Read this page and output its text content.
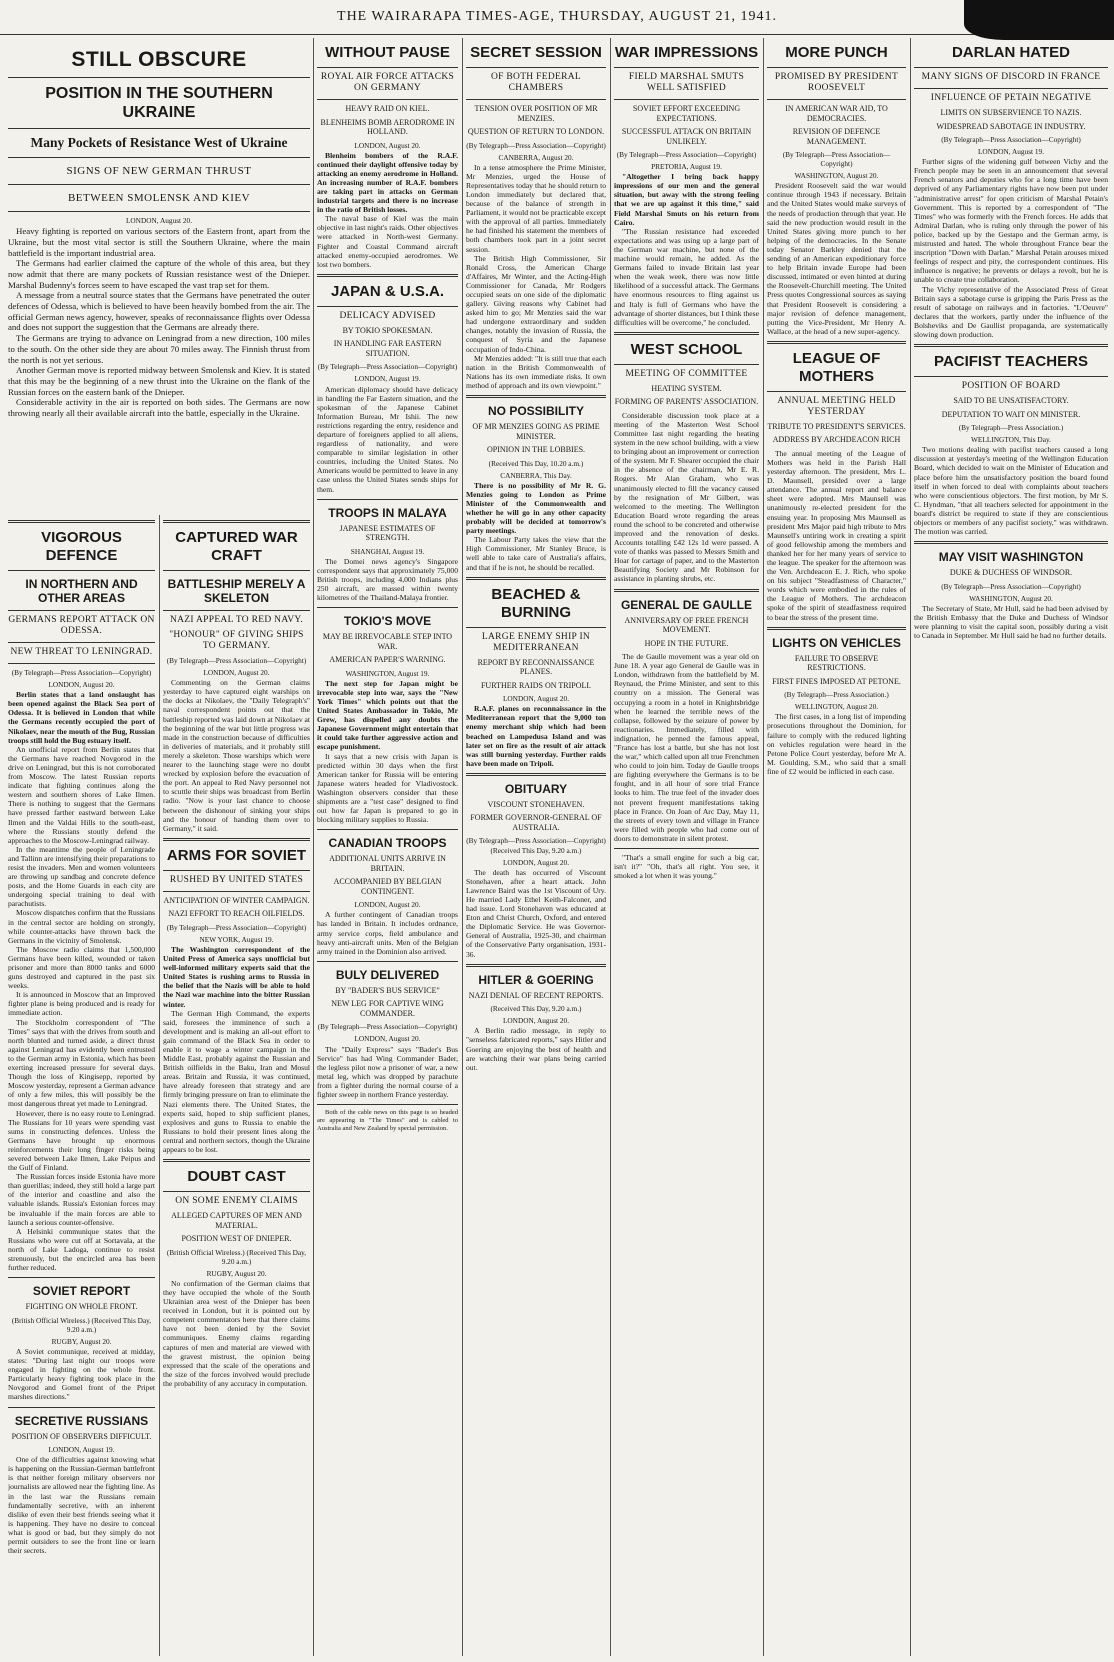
THE WAIRARAPA TIMES-AGE, THURSDAY, AUGUST 21, 1941.
STILL OBSCURE
POSITION IN THE SOUTHERN UKRAINE
Many Pockets of Resistance West of Ukraine
SIGNS OF NEW GERMAN THRUST
BETWEEN SMOLENSK AND KIEV
LONDON, August 20.

Heavy fighting is reported on various sectors of the Eastern front, apart from the Ukraine, but the most vital sector is still the Southern Ukraine, where the main battlefield is the important industrial area.

The Germans had earlier claimed the capture of the whole of this area, but they now admit that there are many pockets of Russian resistance west of the Dnieper. Marshal Budenny's forces seem to have escaped the vast trap set for them.

A message from a neutral source states that the Germans have penetrated the outer defences of Odessa, which is believed to have been heavily bombed from the air. The official German news agency, however, speaks of reconnaissance flights over Odessa and does not support the suggestion that the Germans are already there.

The Germans are trying to advance on Leningrad from a new direction, 100 miles to the south. On the other side they are about 70 miles away. The Finnish thrust from the north is not yet serious.

Another German move is reported midway between Smolensk and Kiev. It is stated that this may be the beginning of a new thrust into the Ukraine on the flank of the Russian forces on the eastern bank of the Dnieper.

Considerable activity in the air is reported on both sides. The Germans are now throwing nearly all their available aircraft into the battle, especially in the Ukraine.

VIGOROUS DEFENCE
IN NORTHERN AND OTHER AREAS
GERMANS REPORT ATTACK ON ODESSA.
NEW THREAT TO LENINGRAD.
(By Telegraph—Press Association—Copyright)
LONDON, August 20.

Berlin states that a land onslaught has been opened against the Black Sea port of Odessa. It is believed in London that while the Germans recently occupied the port of Nikolaev, near the mouth of the Bug, Russian troops still hold the Bug estuary itself.

An unofficial report from Berlin states that the Germans have reached Novgorod in the drive on Leningrad, but this is not corroborated from Moscow. The latest Russian reports indicate that fighting continues along the western and southern shores of Lake Ilmen. There is nothing to suggest that the Germans have pressed farther eastward between Lake Ilmen and the Valdai Hills to the south-east, where the Russians stoutly defend the approaches to the Moscow-Leningrad railway.

In the meantime the people of Leningrade and Tallinn are intensifying their preparations to resist the invaders. Men and women volunteers are throwing up sandbag and concrete defence posts, and the Home Guards in each city are undergoing special training to deal with parachutists.

Moscow dispatches confirm that the Russians in the central sector are holding on strongly, while counter-attacks have thrown back the Germans in the vicinity of Smolensk.

The Moscow radio claims that 1,500,000 Germans have been killed, wounded or taken prisoner and more than 8000 tanks and 6000 guns destroyed and captured in the past six weeks.

It is announced in Moscow that an Improved fighter plane is being produced and is ready for immediate action.

The Stockholm correspondent of "The Times" says that with the drives from south and north blunted and turned aside, a direct thrust against Leningrad has evidently been entrusted to the German army in Estonia, which has been exerting increased pressure for several days. Though the loss of Kingisepp, reported by Moscow yesterday, represent a German advance of only a few miles, this will possibly be the most dangerous threat yet made to Leningrad.

However, there is no easy route to Leningrad. The Russians for 10 years were spending vast sums in constructing defences. Unless the Germans have brought up enormous reinforcements their long finger risks being severed between Lake Ilmen, Lake Peipus and the Gulf of Finland.

The Russian forces inside Estonia have more than guerillas; indeed, they still hold a large part of the interior and coastline and also the valuable islands. Russia's Estonian forces may be invaluable if the main forces are able to launch a serious counter-offensive.

A Helsinki communique states that the Russians who were cut off at Sortavala, at the north of Lake Ladoga, continue to resist strenuously, but the encircled area has been further reduced.

SOVIET REPORT
FIGHTING ON WHOLE FRONT.
(British Official Wireless.) (Received This Day, 9.20 a.m.)
RUGBY, August 20.

A Soviet communique, received at midday, states: "During last night our troops were engaged in fighting on the whole front. Particularly heavy fighting took place in the Novgorod and Gomel front of the Pripet marshes directions."

SECRETIVE RUSSIANS
POSITION OF OBSERVERS DIFFICULT.
LONDON, August 19.

One of the difficulties against knowing what is happening on the Russian-German battlefront is that neither foreign military observers nor journalists are allowed near the fighting line. As in the last war the Russians remain fundamentally secretive, with an inherent dislike of even their best friends seeing what it is happening. They have no desire to conceal what is good or bad, but they simply do not permit outsiders to see the front line or learn their secrets.

CAPTURED WAR CRAFT
BATTLESHIP MERELY A SKELETON
NAZI APPEAL TO RED NAVY.
"HONOUR" OF GIVING SHIPS TO GERMANY.
(By Telegraph—Press Association—Copyright)
LONDON, August 20.

Commenting on the German claims yesterday to have captured eight warships on the docks at Nikolaev, the "Daily Telegraph's" naval correspondent points out that the battleship reported was laid down at Nikolaev at the beginning of the war but little progress was made in the construction because of difficulties in deliveries of materials, and it probably still merely a skeleton. Those warships which were nearer to the launching stage were no doubt wrecked by explosion before the evacuation of the port. An appeal to Red Navy personnel not to scuttle their ships was broadcast from Berlin radio. "Now is your last chance to choose between the dishonour of sinking your ships and the honour of handing them over to Germany," it said.

ARMS FOR SOVIET
RUSHED BY UNITED STATES
ANTICIPATION OF WINTER CAMPAIGN.
NAZI EFFORT TO REACH OILFIELDS.
(By Telegraph—Press Association—Copyright)
NEW YORK, August 19.

The Washington correspondent of the United Press of America says unofficial but well-informed military experts said that the United States is rushing arms to Russia in the belief that the Nazis will be able to hold the Nazi war machine into the bitter Russian winter.

The German High Command, the experts said, foresees the imminence of such a development and is making an all-out effort to gain command of the Black Sea in order to enable it to wage a winter campaign in the Middle East, probably against the Russian and British oilfields in the Baku, Iran and Mosul areas. Britain and Russia, it was continued, have already foreseen that strategy and are firmly bringing pressure on Iran to eliminate the Nazi elements there. The United States, the experts said, hoped to ship sufficient planes, explosives and guns to Russia to enable the Russians to hold their present lines along the central and northern sectors, though the Ukraine appears to be lost.

DOUBT CAST
ON SOME ENEMY CLAIMS
ALLEGED CAPTURES OF MEN AND MATERIAL.
POSITION WEST OF DNIEPER.
(British Official Wireless.) (Received This Day, 9.20 a.m.)
RUGBY, August 20.

No confirmation of the German claims that they have occupied the whole of the South Ukrainian area west of the Dnieper has been received in London, but it is pointed out by competent commentators here that there claims have not been denied by the Soviet communiques. Enemy claims regarding captures of men and material are viewed with the gravest mistrust, the opinion being expressed that the scale of the operations and the size of the forces involved would preclude the probability of any accuracy in computation.

WITHOUT PAUSE
ROYAL AIR FORCE ATTACKS ON GERMANY
HEAVY RAID ON KIEL.
BLENHEIMS BOMB AERODROME IN HOLLAND.
LONDON, August 20.

Blenheim bombers of the R.A.F. continued their daylight offensive today by attacking an enemy aerodrome in Holland. An increasing number of R.A.F. bombers are taking part in attacks on German industrial targets and there is no increase in the ratio of British losses.

The naval base of Kiel was the main objective in last night's raids. Other objectives were attacked in North-west Germany. Fighter and Coastal Command aircraft attacked enemy-occupied aerodromes. We lost two bombers.

JAPAN & U.S.A.
DELICACY ADVISED
BY TOKIO SPOKESMAN.
IN HANDLING FAR EASTERN SITUATION.
(By Telegraph—Press Association—Copyright)
LONDON, August 19.

American diplomacy should have delicacy in handling the Far Eastern situation, and the spokesman of the Japanese Cabinet Information Bureau, Mr Ishii. The new restrictions regarding the entry, residence and departure of foreigners applied to all aliens, regardless of nationality, and were comparable to similar legislation in other countries, including the United States. No Americans would be permitted to leave in any case unless the United States sends ships for them.

TROOPS IN MALAYA
JAPANESE ESTIMATES OF STRENGTH.
SHANGHAI, August 19.

The Domei news agency's Singapore correspondent says that approximately 75,000 British troops, including 4,000 Indians plus 250 aircraft, are massed within twenty kilometres of the Thailand-Malaya frontier.

TOKIO'S MOVE
MAY BE IRREVOCABLE STEP INTO WAR.
AMERICAN PAPER'S WARNING.
WASHINGTON, August 19.

The next step for Japan might be irrevocable step into war, says the "New York Times" which points out that the United States Ambassador in Tokio, Mr Grew, has dispelled any doubts the Japanese Government might entertain that it could take further aggressive action and escape punishment.

It says that a new crisis with Japan is predicted within 30 days when the first American tanker for Russia will be entering Japanese waters headed for Vladivostock. Washington observers consider that these shipments are a "test case" designed to find out how far Japan is prepared to go in blocking military supplies to Russia.

CANADIAN TROOPS
ADDITIONAL UNITS ARRIVE IN BRITAIN.
ACCOMPANIED BY BELGIAN CONTINGENT.
LONDON, August 20.

A further contingent of Canadian troops has landed in Britain. It includes ordnance, army service corps, field ambulance and heavy anti-aircraft units. Men of the Belgian army trained in the Dominion also arrived.

BULY DELIVERED
BY "BADER'S BUS SERVICE"
NEW LEG FOR CAPTIVE WING COMMANDER.
(By Telegraph—Press Association—Copyright)
LONDON, August 20.

The "Daily Express" says "Bader's Bus Service" has had Wing Commander Bader, the legless pilot now a prisoner of war, a new metal leg, which was dropped by parachute from a fighter during the normal course of a fighter sweep in northern France yesterday.

Both of the cable news on this page is so headed are appearing in "The Times" and is cabled to Australia and New Zealand by special permission.

SECRET SESSION
OF BOTH FEDERAL CHAMBERS
TENSION OVER POSITION OF MR MENZIES.
QUESTION OF RETURN TO LONDON.
(By Telegraph—Press Association—Copyright)
CANBERRA, August 20.

In a tense atmosphere the Prime Minister, Mr Menzies, urged the House of Representatives today that he should return to London immediately but declared that, because of the balance of strength in Parliament, it would not be practicable except with the approval of all parties. Immediately he had finished his statement the members of both chambers took part in a joint secret session.

The British High Commissioner, Sir Ronald Cross, the American Charge d'Affaires, Mr Winter, and the Acting-High Commissioner for Canada, Mr Rodgers occupied seats on one side of the diplomatic gallery. Giving reasons why Cabinet had asked him to go; Mr Menzies said the war had undergone extraordinary and sudden changes, notably the invasion of Russia, the conquest of Syria and the Japanese occupation of Indo-China.

Mr Menzies added: "It is still true that each nation in the British Commonwealth of Nations has its own immediate risks. It own method of approach and its own viewpoint."

NO POSSIBILITY
OF MR MENZIES GOING AS PRIME MINISTER.
OPINION IN THE LOBBIES.
(Received This Day, 10.20 a.m.)
CANBERRA, This Day.

There is no possibility of Mr R. G. Menzies going to London as Prime Minister of the Commonwealth and whether he will go in any other capacity probably will be decided at tomorrow's party meetings.

The Labour Party takes the view that the High Commissioner, Mr Stanley Bruce, is well able to take care of Australia's affairs, and that if he is not, he should be recalled.

BEACHED & BURNING
LARGE ENEMY SHIP IN MEDITERRANEAN
REPORT BY RECONNAISSANCE PLANES.
FURTHER RAIDS ON TRIPOLI.
LONDON, August 20.

R.A.F. planes on reconnaissance in the Mediterranean report that the 9,000 ton enemy merchant ship which had been beached on Lampedusa Island and was later set on fire as the result of air attack was still burning yesterday. Further raids have been made on Tripoli.

OBITUARY
VISCOUNT STONEHAVEN.
FORMER GOVERNOR-GENERAL OF AUSTRALIA.
(By Telegraph—Press Association—Copyright) (Received This Day, 9.20 a.m.)
LONDON, August 20.

The death has occurred of Viscount Stonehaven, after a heart attack. John Lawrence Baird was the 1st Viscount of Ury. He married Lady Ethel Keith-Falconer, and had issue. Lord Stonehaven was educated at Eton and Christ Church, Oxford, and entered the Diplomatic Service. He was Governor-General of Australia, 1925-30, and chairman of the Conservative Party organisation, 1931-36.

HITLER & GOERING
NAZI DENIAL OF RECENT REPORTS.
(Received This Day, 9.20 a.m.)
LONDON, August 20.

A Berlin radio message, in reply to "senseless fabricated reports," says Hitler and Goering are enjoying the best of health and are watching their war plans being carried out.

WAR IMPRESSIONS
FIELD MARSHAL SMUTS WELL SATISFIED
SOVIET EFFORT EXCEEDING EXPECTATIONS.
SUCCESSFUL ATTACK ON BRITAIN UNLIKELY.
(By Telegraph—Press Association—Copyright)
PRETORIA, August 19.

"Altogether I bring back happy impressions of our men and the general situation, but away with the strong feeling that we are up against it this time," said Field Marshal Smuts on his return from Cairo.

"The Russian resistance had exceeded expectations and was using up a large part of the German war machine, but none of the machine would remain, he added. As the Germans failed to invade Britain last year when the weak week, there was now little likelihood of a successful attack. The Germans have enormous resources to fling against us and Italy is full of Germans who have the advantage of shorter distances, but I think these difficulties will be overcome," he concluded.

WEST SCHOOL
MEETING OF COMMITTEE
HEATING SYSTEM.
FORMING OF PARENTS' ASSOCIATION.

Considerable discussion took place at a meeting of the Masterton West School Committee last night regarding the heating system in the new school building, with a view to bringing about an improvement or correction of the system. Mr F. Shearer occupied the chair in the absence of the chairman, Mr E. R. Rogers. Mr Alan Graham, who was unanimously elected to fill the vacancy caused by the resignation of Mr Gilbert, was welcomed to the meeting. The Wellington Education Board wrote regarding the areas round the school to be concreted and otherwise improved and the renovation of desks. Accounts totalling £42 12s 1d were passed. A vote of thanks was passed to Messrs Smith and Hoar for cartage of paper, and to the Masterton Beautifying Society and Mr Robinson for assistance in planting shrubs, etc.

GENERAL DE GAULLE
ANNIVERSARY OF FREE FRENCH MOVEMENT.
HOPE IN THE FUTURE.

The de Gaulle movement was a year old on June 18. A year ago General de Gaulle was in London, withdrawn from the battlefield by M. Reynaud, the Prime Minister, and sent to this country on a mission. The General was occupying a room in a hotel in Knightsbridge when he learned the terrible news of the collapse, followed by the seizure of power by reactionaries. Immediately, filled with indignation, he penned the famous appeal, "France has lost a battle, but she has not lost the war," which called upon all true Frenchmen who could to join him. Today de Gaulle troops are fighting everywhere the Germans is to be fought, and in all hour of sore trial France looks to him. The true feel of the invader does not prevent frequent manifestations taking place in France. On Joan of Arc Day, May 11, the streets of every town and village in France were filled with people who had come out of doors to demonstrate in silent protest.

"That's a small engine for such a big car, isn't it?" "Oh, that's all right. You see, it smoked a lot when it was young."

MORE PUNCH
PROMISED BY PRESIDENT ROOSEVELT
IN AMERICAN WAR AID, TO DEMOCRACIES.
REVISION OF DEFENCE MANAGEMENT.
(By Telegraph—Press Association—Copyright)
WASHINGTON, August 20.

President Roosevelt said the war would continue through 1943 if necessary. Britain and the United States would make surveys of the needs of production through that year. He said the new production would result in the United States giving more punch to her helping of the democracies. In the Senate today Senator Barkley denied that the sending of an American expeditionary force to help Britain invade Europe had been discussed, intimated or even hinted at during the Roosevelt-Churchill meeting. The United Press quotes Congressional sources as saying that President Roosevelt is considering a major revision of defence management, putting the Vice-President, Mr Henry A. Wallace, at the head of a new super-agency.

LEAGUE OF MOTHERS
ANNUAL MEETING HELD YESTERDAY
TRIBUTE TO PRESIDENT'S SERVICES.
ADDRESS BY ARCHDEACON RICH

The annual meeting of the League of Mothers was held in the Parish Hall yesterday afternoon. The president, Mrs L. D. Maunsell, presided over a large attendance. The annual report and balance sheet were adopted. Mrs Maunsell was unanimously re-elected president for the ensuing year. In proposing Mrs Maunsell as president Mrs Major paid high tribute to Mrs Maunsell's untiring work in creating a spirit of good fellowship among the members and thanked her for her many years of service to the league. The speaker for the afternoon was the Ven. Archdeacon E. J. Rich, who spoke on his subject "Steadfastness of Character," words which were embodied in the rules of the League of Mothers. The archdeacon spoke of the spirit of steadfastness required to bear the stress of the present time.

LIGHTS ON VEHICLES
FAILURE TO OBSERVE RESTRICTIONS.
FIRST FINES IMPOSED AT PETONE.
(By Telegraph—Press Association.)
WELLINGTON, August 20.

The first cases, in a long list of impending prosecutions throughout the Dominion, for failure to comply with the reduced lighting on vehicles regulation were heard in the Petone Police Court yesterday, before Mr A. M. Goulding, S.M., who said that a small fine of £2 would be inflicted in each case.

DARLAN HATED
MANY SIGNS OF DISCORD IN FRANCE
INFLUENCE OF PETAIN NEGATIVE
LIMITS ON SUBSERVIENCE TO NAZIS.
WIDESPREAD SABOTAGE IN INDUSTRY.
(By Telegraph—Press Association—Copyright)
LONDON, August 19.

Further signs of the widening gulf between Vichy and the French people may be seen in an announcement that several French senators and deputies who for a long time have been deprived of any Parliamentary rights have now been put under "administrative arrest" for open criticism of Marshal Petain's Government. This is reported by a correspondent of "The Times" who was formerly with the French forces. He adds that Admiral Darlan, who is ruling only through the power of his police, backed up by the Gestapo and the German army, is mistrusted and hated. The whole throughout France bear the inscription "Down with Darlan." Marshal Petain arouses mixed feelings of respect and pity, the correspondent continues. His influence is negative; he prevents or delays a revolt, but he is unable to create true collaboration.

The Vichy representative of the Associated Press of Great Britain says a sabotage curse is gripping the Paris Press as the result of sabotage on railways and in factories. "L'Oeuvre" declares that the workers, partly under the influence of the Bolsheviks and De Gaullist propaganda, are systematically slowing down production.

PACIFIST TEACHERS
POSITION OF BOARD
SAID TO BE UNSATISFACTORY.
DEPUTATION TO WAIT ON MINISTER.
(By Telegraph—Press Association.)
WELLINGTON, This Day.

Two motions dealing with pacifist teachers caused a long discussion at yesterday's meeting of the Wellington Education Board, which decided to wait on the Minister of Education and place before him the unsatisfactory position the board found itself in when forced to deal with complaints about teachers who were conscientious objectors. The first motion, by Mr S. C. Hyndman, "that all teachers selected for appointment in the board's district be required to state if they are conscientious objectors or members of any pacifist society," was withdrawn. The motion was carried.

MAY VISIT WASHINGTON
DUKE & DUCHESS OF WINDSOR.
(By Telegraph—Press Association—Copyright)
WASHINGTON, August 20.

The Secretary of State, Mr Hull, said he had been advised by the British Embassy that the Duke and Duchess of Windsor were planning to visit the capital soon, possibly during a visit to Canada in September. Mr Hull said he had no further details.
